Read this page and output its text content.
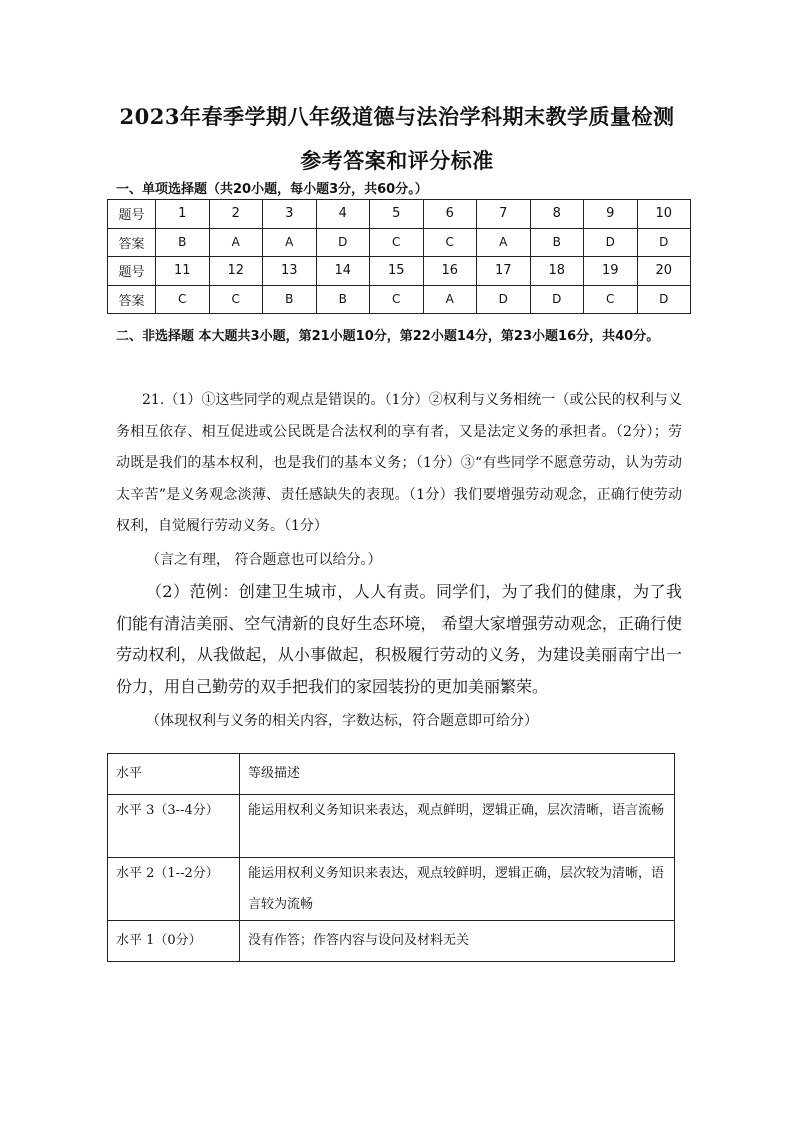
2023年春季学期八年级道德与法治学科期末教学质量检测
参考答案和评分标准
一、单项选择题（共20小题，每小题3分，共60分。）
题号	1	2	3	4	5	6	7	8	9	10
答案	B	A	A	D	C	C	A	B	D	D
题号	11	12	13	14	15	16	17	18	19	20
答案	C	C	B	B	C	A	D	D	C	D
二、非选择题 本大题共3小题，第21小题10分，第22小题14分，第23小题16分，共40分。
21.（1）①这些同学的观点是错误的。（1分）②权利与义务相统一（或公民的权利与义务相互依存、相互促进或公民既是合法权利的享有者，又是法定义务的承担者。（2分）；劳动既是我们的基本权利，也是我们的基本义务；（1分）③“有些同学不愿意劳动，认为劳动太辛苦”是义务观念淡薄、责任感缺失的表现。（1分）我们要增强劳动观念，正确行使劳动权利，自觉履行劳动义务。（1分）
（言之有理， 符合题意也可以给分。）
（2）范例：创建卫生城市，人人有责。同学们，为了我们的健康，为了我们能有清洁美丽、空气清新的良好生态环境， 希望大家增强劳动观念，正确行使劳动权利，从我做起，从小事做起，积极履行劳动的义务，为建设美丽南宁出一份力，用自己勤劳的双手把我们的家园装扮的更加美丽繁荣。
（体现权利与义务的相关内容，字数达标，符合题意即可给分）
水平	等级描述
水平 3（3--4分）	能运用权利义务知识来表达，观点鲜明，逻辑正确，层次清晰，语言流畅
水平 2（1--2分）	能运用权利义务知识来表达，观点较鲜明，逻辑正确，层次较为清晰，语言较为流畅
水平 1（0分）	没有作答；作答内容与设问及材料无关
